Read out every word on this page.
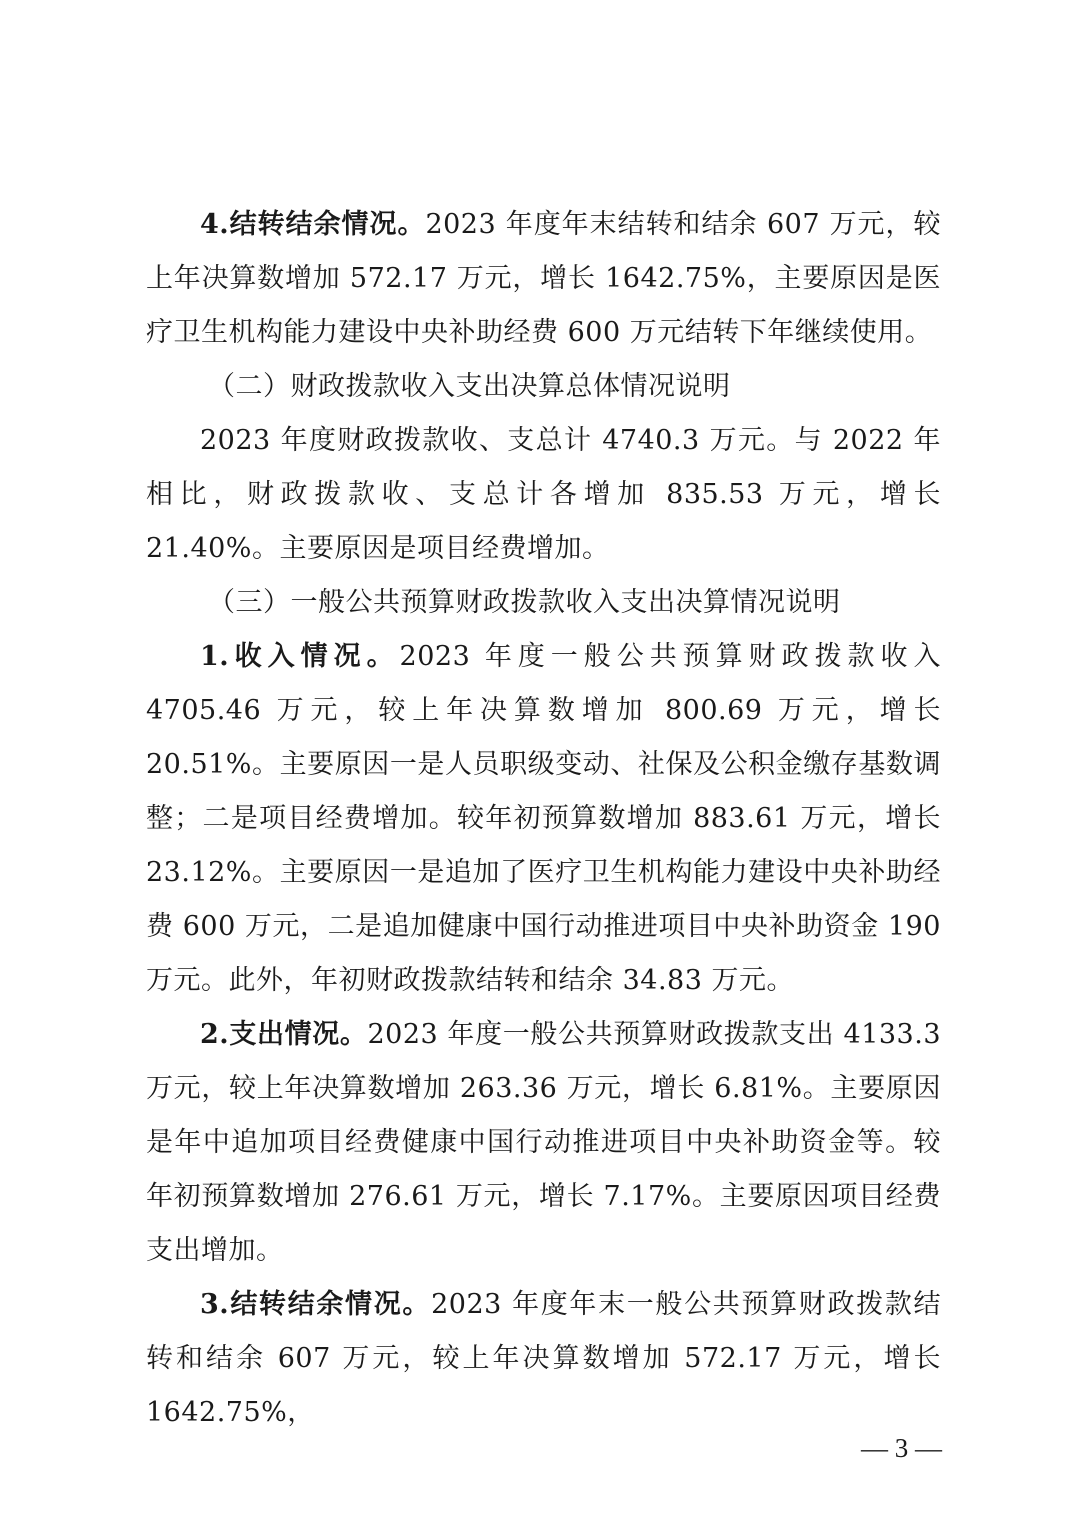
4.结转结余情况。2023 年度年末结转和结余 607 万元，较上年决算数增加 572.17 万元，增长 1642.75%，主要原因是医疗卫生机构能力建设中央补助经费 600 万元结转下年继续使用。

（二）财政拨款收入支出决算总体情况说明

2023 年度财政拨款收、支总计 4740.3 万元。与 2022 年相比，财政拨款收、支总计各增加 835.53 万元，增长 21.40%。主要原因是项目经费增加。

（三）一般公共预算财政拨款收入支出决算情况说明

1.收入情况。2023 年度一般公共预算财政拨款收入 4705.46 万元，较上年决算数增加 800.69 万元，增长 20.51%。主要原因一是人员职级变动、社保及公积金缴存基数调整；二是项目经费增加。较年初预算数增加 883.61 万元，增长 23.12%。主要原因一是追加了医疗卫生机构能力建设中央补助经费 600 万元，二是追加健康中国行动推进项目中央补助资金 190 万元。此外，年初财政拨款结转和结余 34.83 万元。

2.支出情况。2023 年度一般公共预算财政拨款支出 4133.3 万元，较上年决算数增加 263.36 万元，增长 6.81%。主要原因是年中追加项目经费健康中国行动推进项目中央补助资金等。较年初预算数增加 276.61 万元，增长 7.17%。主要原因项目经费支出增加。

3.结转结余情况。2023 年度年末一般公共预算财政拨款结转和结余 607 万元，较上年决算数增加 572.17 万元，增长 1642.75%，

— 3 —
